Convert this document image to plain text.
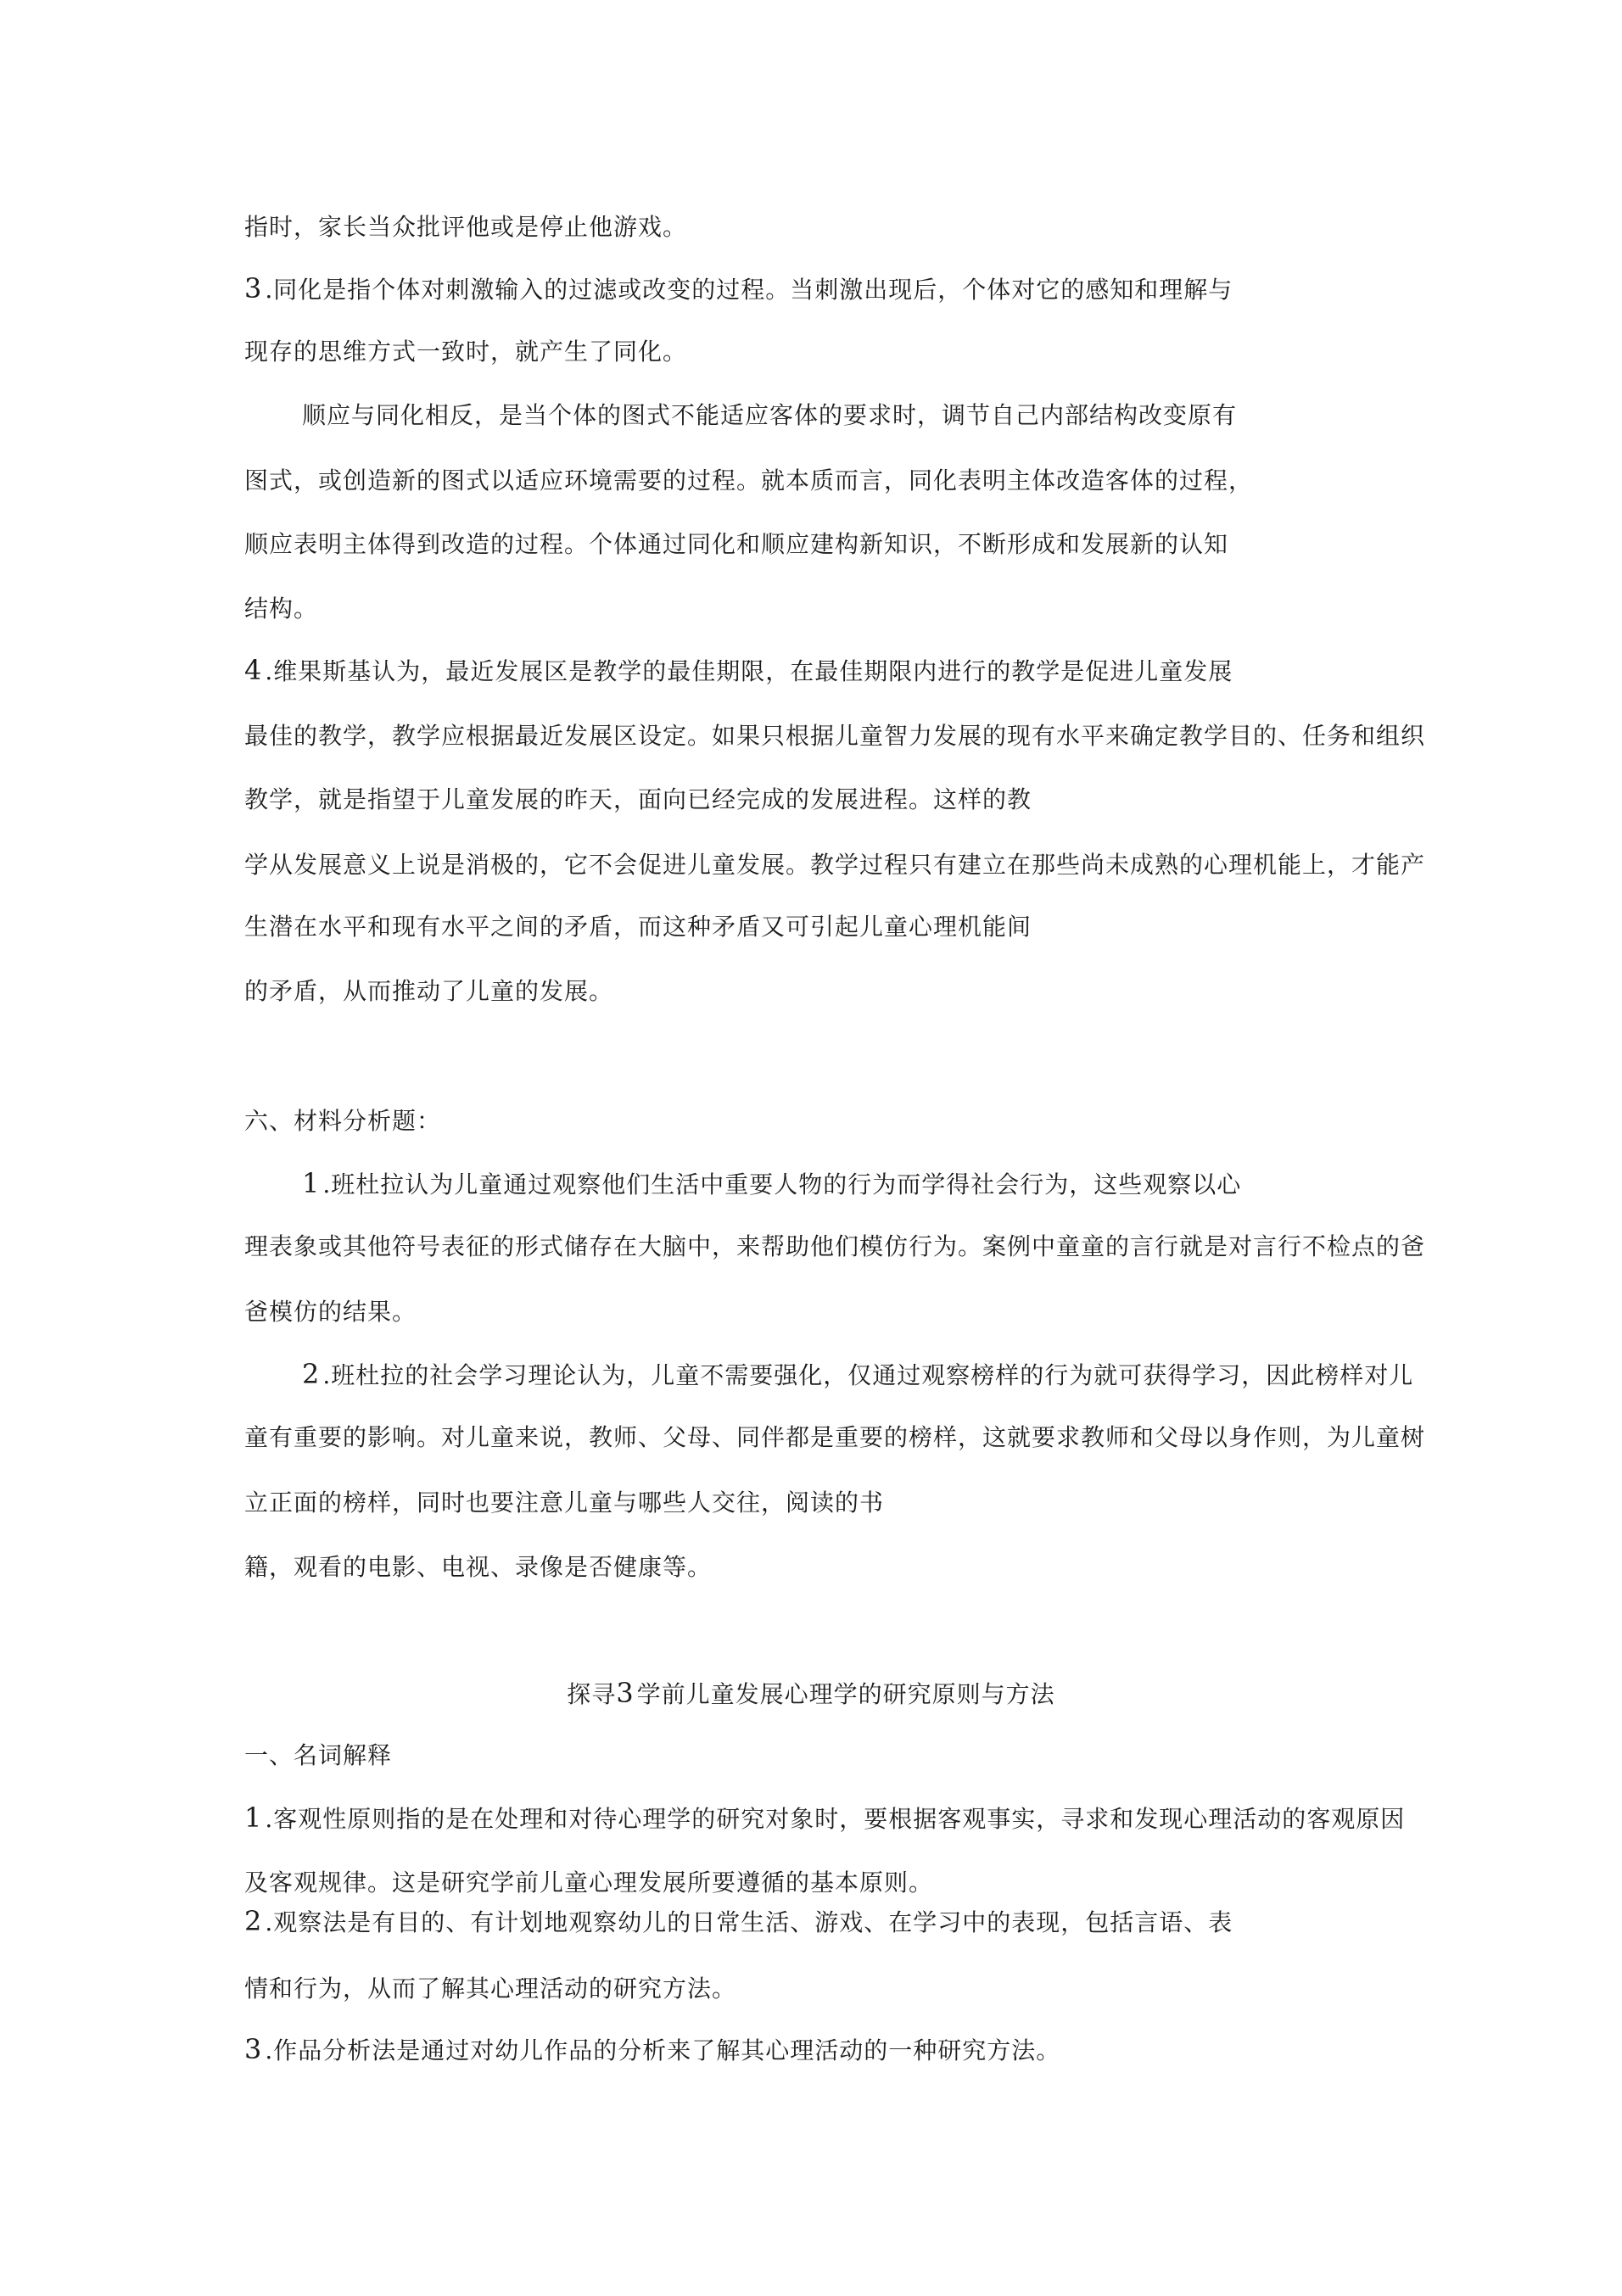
指时，家长当众批评他或是停止他游戏。
3.同化是指个体对刺激输入的过滤或改变的过程。当刺激出现后，个体对它的感知和理解与
现存的思维方式一致时，就产生了同化。
顺应与同化相反，是当个体的图式不能适应客体的要求时，调节自己内部结构改变原有
图式，或创造新的图式以适应环境需要的过程。就本质而言，同化表明主体改造客体的过程，
顺应表明主体得到改造的过程。个体通过同化和顺应建构新知识，不断形成和发展新的认知
结构。
4.维果斯基认为，最近发展区是教学的最佳期限，在最佳期限内进行的教学是促进儿童发展
最佳的教学，教学应根据最近发展区设定。如果只根据儿童智力发展的现有水平来确定教学目的、任务和组织
教学，就是指望于儿童发展的昨天，面向已经完成的发展进程。这样的教
学从发展意义上说是消极的，它不会促进儿童发展。教学过程只有建立在那些尚未成熟的心理机能上，才能产
生潜在水平和现有水平之间的矛盾，而这种矛盾又可引起儿童心理机能间
的矛盾，从而推动了儿童的发展。
六、材料分析题：
1.班杜拉认为儿童通过观察他们生活中重要人物的行为而学得社会行为，这些观察以心
理表象或其他符号表征的形式储存在大脑中，来帮助他们模仿行为。案例中童童的言行就是对言行不检点的爸
爸模仿的结果。
2.班杜拉的社会学习理论认为，儿童不需要强化，仅通过观察榜样的行为就可获得学习，因此榜样对儿
童有重要的影响。对儿童来说，教师、父母、同伴都是重要的榜样，这就要求教师和父母以身作则，为儿童树
立正面的榜样，同时也要注意儿童与哪些人交往，阅读的书
籍，观看的电影、电视、录像是否健康等。
探寻3学前儿童发展心理学的研究原则与方法
一、名词解释
1.客观性原则指的是在处理和对待心理学的研究对象时，要根据客观事实，寻求和发现心理活动的客观原因
及客观规律。这是研究学前儿童心理发展所要遵循的基本原则。
2.观察法是有目的、有计划地观察幼儿的日常生活、游戏、在学习中的表现，包括言语、表
情和行为，从而了解其心理活动的研究方法。
3.作品分析法是通过对幼儿作品的分析来了解其心理活动的一种研究方法。
